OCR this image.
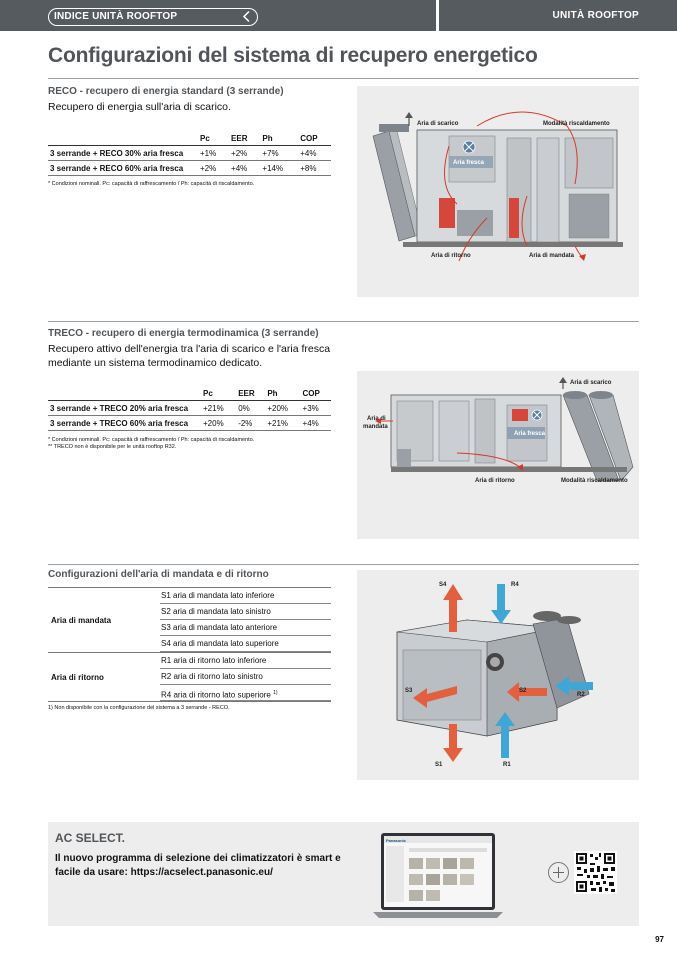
INDICE UNITÀ ROOFTOP	UNITÀ ROOFTOP
Configurazioni del sistema di recupero energetico
RECO - recupero di energia standard (3 serrande)
Recupero di energia sull'aria di scarico.
	Pc	EER	Ph	COP
3 serrande + RECO 30% aria fresca	+1%	+2%	+7%	+4%
3 serrande + RECO 60% aria fresca	+2%	+4%	+14%	+8%
* Condizioni nominali. Pc: capacità di raffrescamento / Ph: capacità di riscaldamento.
Aria fresca
Aria di scarico	Modalità riscaldamento
Aria di ritorno	Aria di mandata
TRECO - recupero di energia termodinamica (3 serrande)
Recupero attivo dell'energia tra l'aria di scarico e l'aria fresca mediante un sistema termodinamico dedicato.
	Pc	EER	Ph	COP
3 serrande + TRECO 20% aria fresca	+21%	0%	+20%	+3%
3 serrande + TRECO 60% aria fresca	+20%	-2%	+21%	+4%
* Condizioni nominali. Pc: capacità di raffrescamento / Ph: capacità di riscaldamento.
** TRECO non è disponibile per le unità rooftop R32.
Aria fresca
Aria di scarico
Aria di
mandata
Aria di ritorno	Modalità riscaldamento
Configurazioni dell'aria di mandata e di ritorno
Aria di mandata
S1 aria di mandata lato inferiore
S2 aria di mandata lato sinistro
S3 aria di mandata lato anteriore
S4 aria di mandata lato superiore
Aria di ritorno
R1 aria di ritorno lato inferiore
R2 aria di ritorno lato sinistro
R4 aria di ritorno lato superiore $^{1)}$
1) Non disponibile con la configurazione del sistema a 3 serrande - RECO.
S4	R4
S3	S2
R2
S1	R1
AC SELECT.
Il nuovo programma di selezione dei climatizzatori è smart e facile da usare: https://acselect.panasonic.eu/
Panasonic
97
